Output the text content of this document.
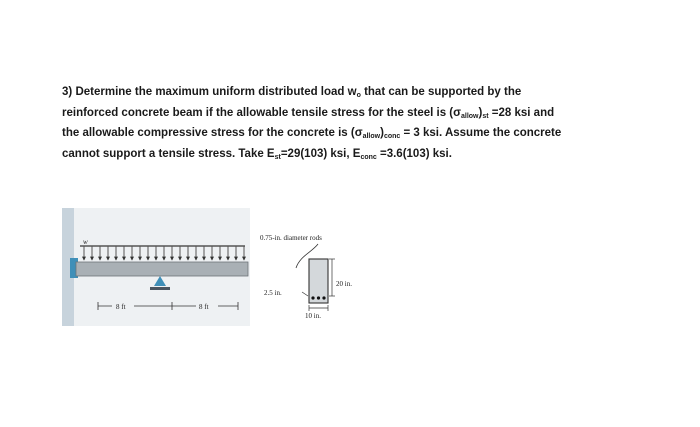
3) Determine the maximum uniform distributed load $w_o$ that can be supported by the
reinforced concrete beam if the allowable tensile stress for the steel is $(\sigma_{allow})_{st} =28$ ksi and
the allowable compressive stress for the concrete is $(\sigma_{allow})_{conc} = 3$ ksi. Assume the concrete
cannot support a tensile stress. Take $E_{st}=29(103)$ ksi, $E_{conc} =3.6(103)$ ksi.

w
8 ft	8 ft
0.75-in. diameter rods
20 in.
2.5 in.
10 in.
